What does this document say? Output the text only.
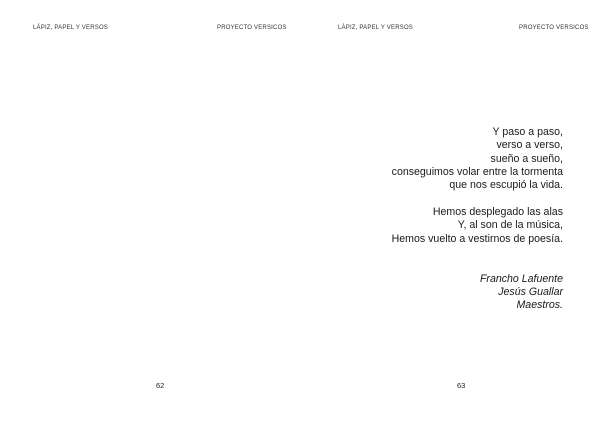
LÁPIZ, PAPEL Y VERSOS	PROYECTO VERSICOS
62
LÁPIZ, PAPEL Y VERSOS	PROYECTO VERSICOS
Y paso a paso,
verso a verso,
sueño a sueño,
conseguimos volar entre la tormenta
que nos escupió la vida.
Hemos desplegado las alas
Y, al son de la música,
Hemos vuelto a vestirnos de poesía.
Francho Lafuente
Jesús Guallar
Maestros.
63
